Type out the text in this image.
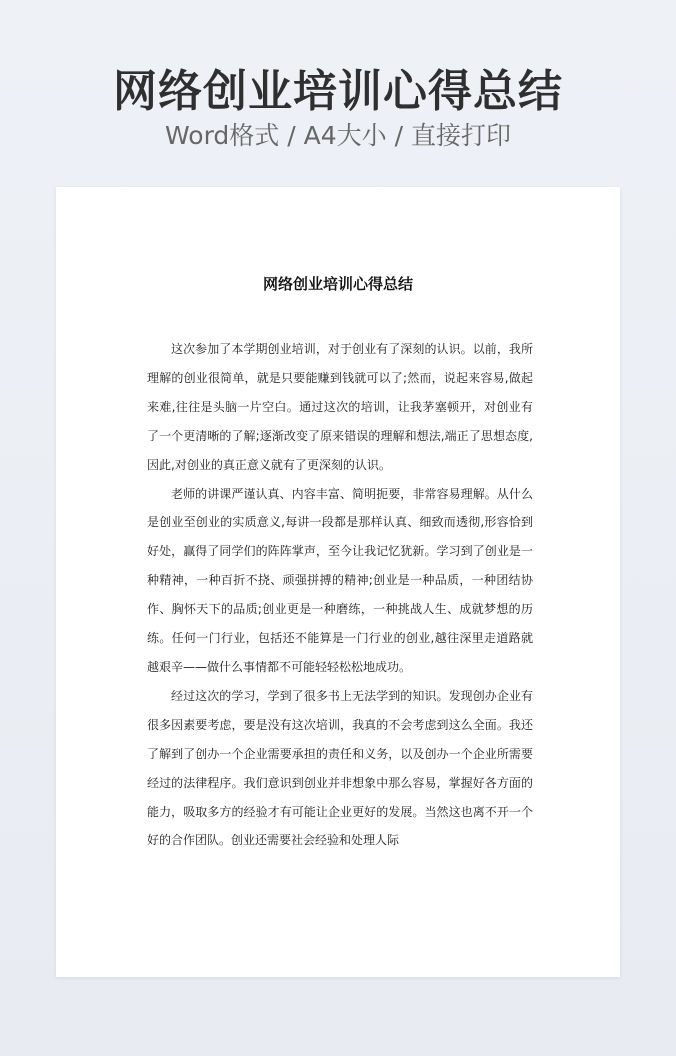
网络创业培训心得总结
Word格式 / A4大小 / 直接打印
网络创业培训心得总结

这次参加了本学期创业培训，对于创业有了深刻的认识。以前，我所理解的创业很简单，就是只要能赚到钱就可以了;然而，说起来容易,做起来难,往往是头脑一片空白。通过这次的培训，让我茅塞顿开，对创业有了一个更清晰的了解;逐渐改变了原来错误的理解和想法,端正了思想态度,因此,对创业的真正意义就有了更深刻的认识。

老师的讲课严谨认真、内容丰富、简明扼要，非常容易理解。从什么是创业至创业的实质意义,每讲一段都是那样认真、细致而透彻,形容恰到好处，赢得了同学们的阵阵掌声，至今让我记忆犹新。学习到了创业是一种精神，一种百折不挠、顽强拼搏的精神;创业是一种品质，一种团结协作、胸怀天下的品质;创业更是一种磨练，一种挑战人生、成就梦想的历练。任何一门行业，包括还不能算是一门行业的创业,越往深里走道路就越艰辛——做什么事情都不可能轻轻松松地成功。

经过这次的学习，学到了很多书上无法学到的知识。发现创办企业有很多因素要考虑，要是没有这次培训，我真的不会考虑到这么全面。我还了解到了创办一个企业需要承担的责任和义务，以及创办一个企业所需要经过的法律程序。我们意识到创业并非想象中那么容易，掌握好各方面的能力，吸取多方的经验才有可能让企业更好的发展。当然这也离不开一个好的合作团队。创业还需要社会经验和处理人际
